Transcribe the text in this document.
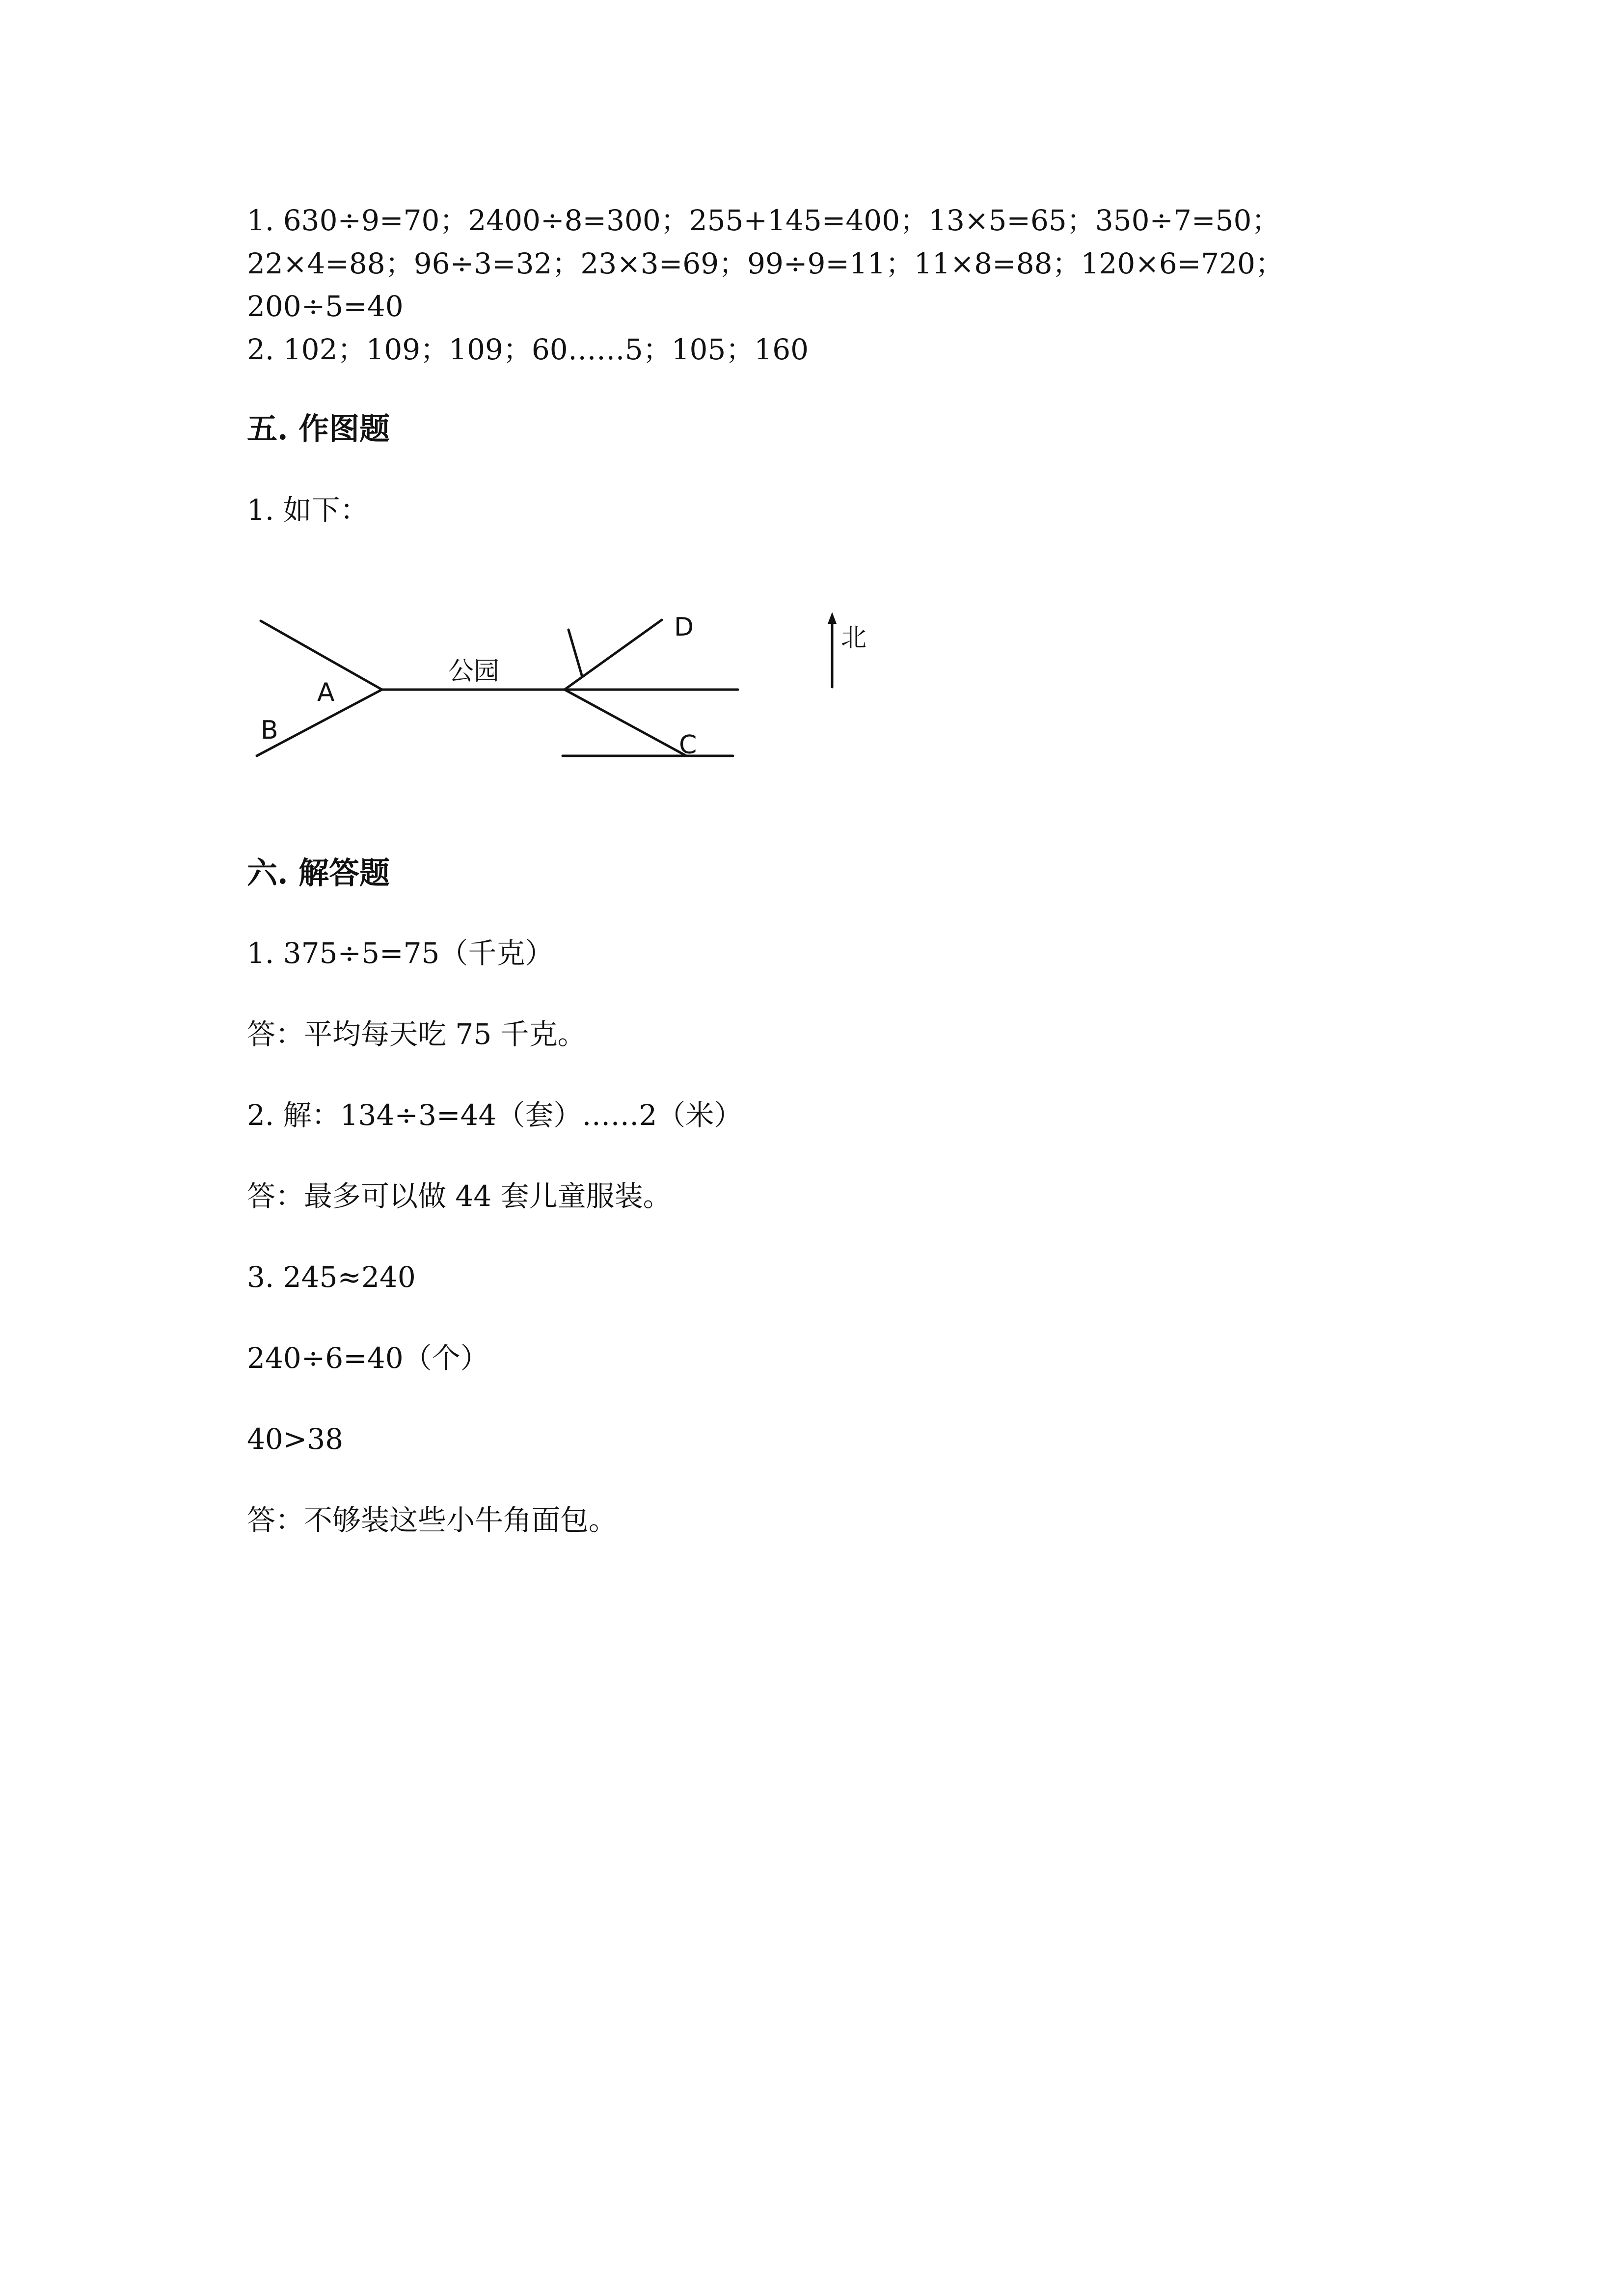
1. 630÷9=70；2400÷8=300；255+145=400；13×5=65；350÷7=50；

22×4=88；96÷3=32；23×3=69；99÷9=11；11×8=88；120×6=720；

200÷5=40

2. 102；109；109；60……5；105；160

五. 作图题

1. 如下：

公园
A
B	C
D	北
六. 解答题

1. 375÷5=75（千克）

答：平均每天吃 75 千克。

2. 解：134÷3=44（套）……2（米）

答：最多可以做 44 套儿童服装。

3. 245≈240

240÷6=40（个）

40>38

答：不够装这些小牛角面包。
